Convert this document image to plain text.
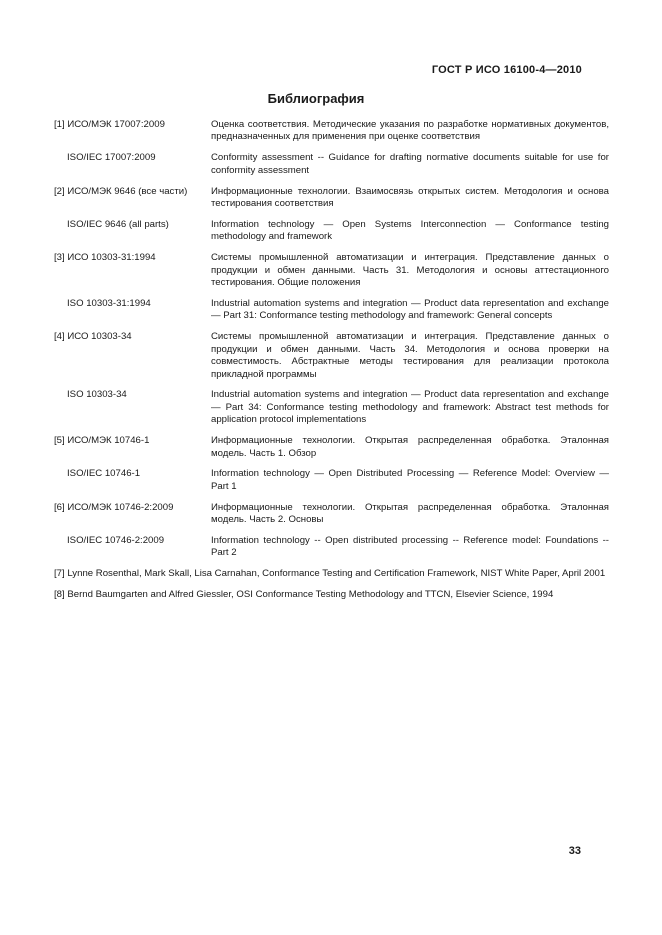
ГОСТ Р ИСО 16100-4—2010
Библиография
[1] ИСО/МЭК 17007:2009	Оценка соответствия. Методические указания по разработке нормативных документов, предназначенных для применения при оценке соответствия
ISO/IEC 17007:2009	Conformity assessment -- Guidance for drafting normative documents suitable for use for conformity assessment
[2] ИСО/МЭК 9646 (все части)	Информационные технологии. Взаимосвязь открытых систем. Методология и основа тестирования соответствия
ISO/IEC 9646 (all parts)	Information technology — Open Systems Interconnection — Conformance testing methodology and framework
[3] ИСО 10303-31:1994	Системы промышленной автоматизации и интеграция. Представление данных о продукции и обмен данными. Часть 31. Методология и основы аттестационного тестирования. Общие положения
ISO 10303-31:1994	Industrial automation systems and integration — Product data representation and exchange — Part 31: Conformance testing methodology and framework: General concepts
[4] ИСО 10303-34	Системы промышленной автоматизации и интеграция. Представление данных о продукции и обмен данными. Часть 34. Методология и основа проверки на совместимость. Абстрактные методы тестирования для реализации протокола прикладной программы
ISO 10303-34	Industrial automation systems and integration — Product data representation and exchange — Part 34: Conformance testing methodology and framework: Abstract test methods for application protocol implementations
[5] ИСО/МЭК 10746-1	Информационные технологии. Открытая распределенная обработка. Эталонная модель. Часть 1. Обзор
ISO/IEC 10746-1	Information technology — Open Distributed Processing — Reference Model: Overview — Part 1
[6] ИСО/МЭК 10746-2:2009	Информационные технологии. Открытая распределенная обработка. Эталонная модель. Часть 2. Основы
ISO/IEC 10746-2:2009	Information technology -- Open distributed processing -- Reference model: Foundations -- Part 2
[7] Lynne Rosenthal, Mark Skall, Lisa Carnahan, Conformance Testing and Certification Framework, NIST White Paper, April 2001
[8] Bernd Baumgarten and Alfred Giessler, OSI Conformance Testing Methodology and TTCN, Elsevier Science, 1994
33
